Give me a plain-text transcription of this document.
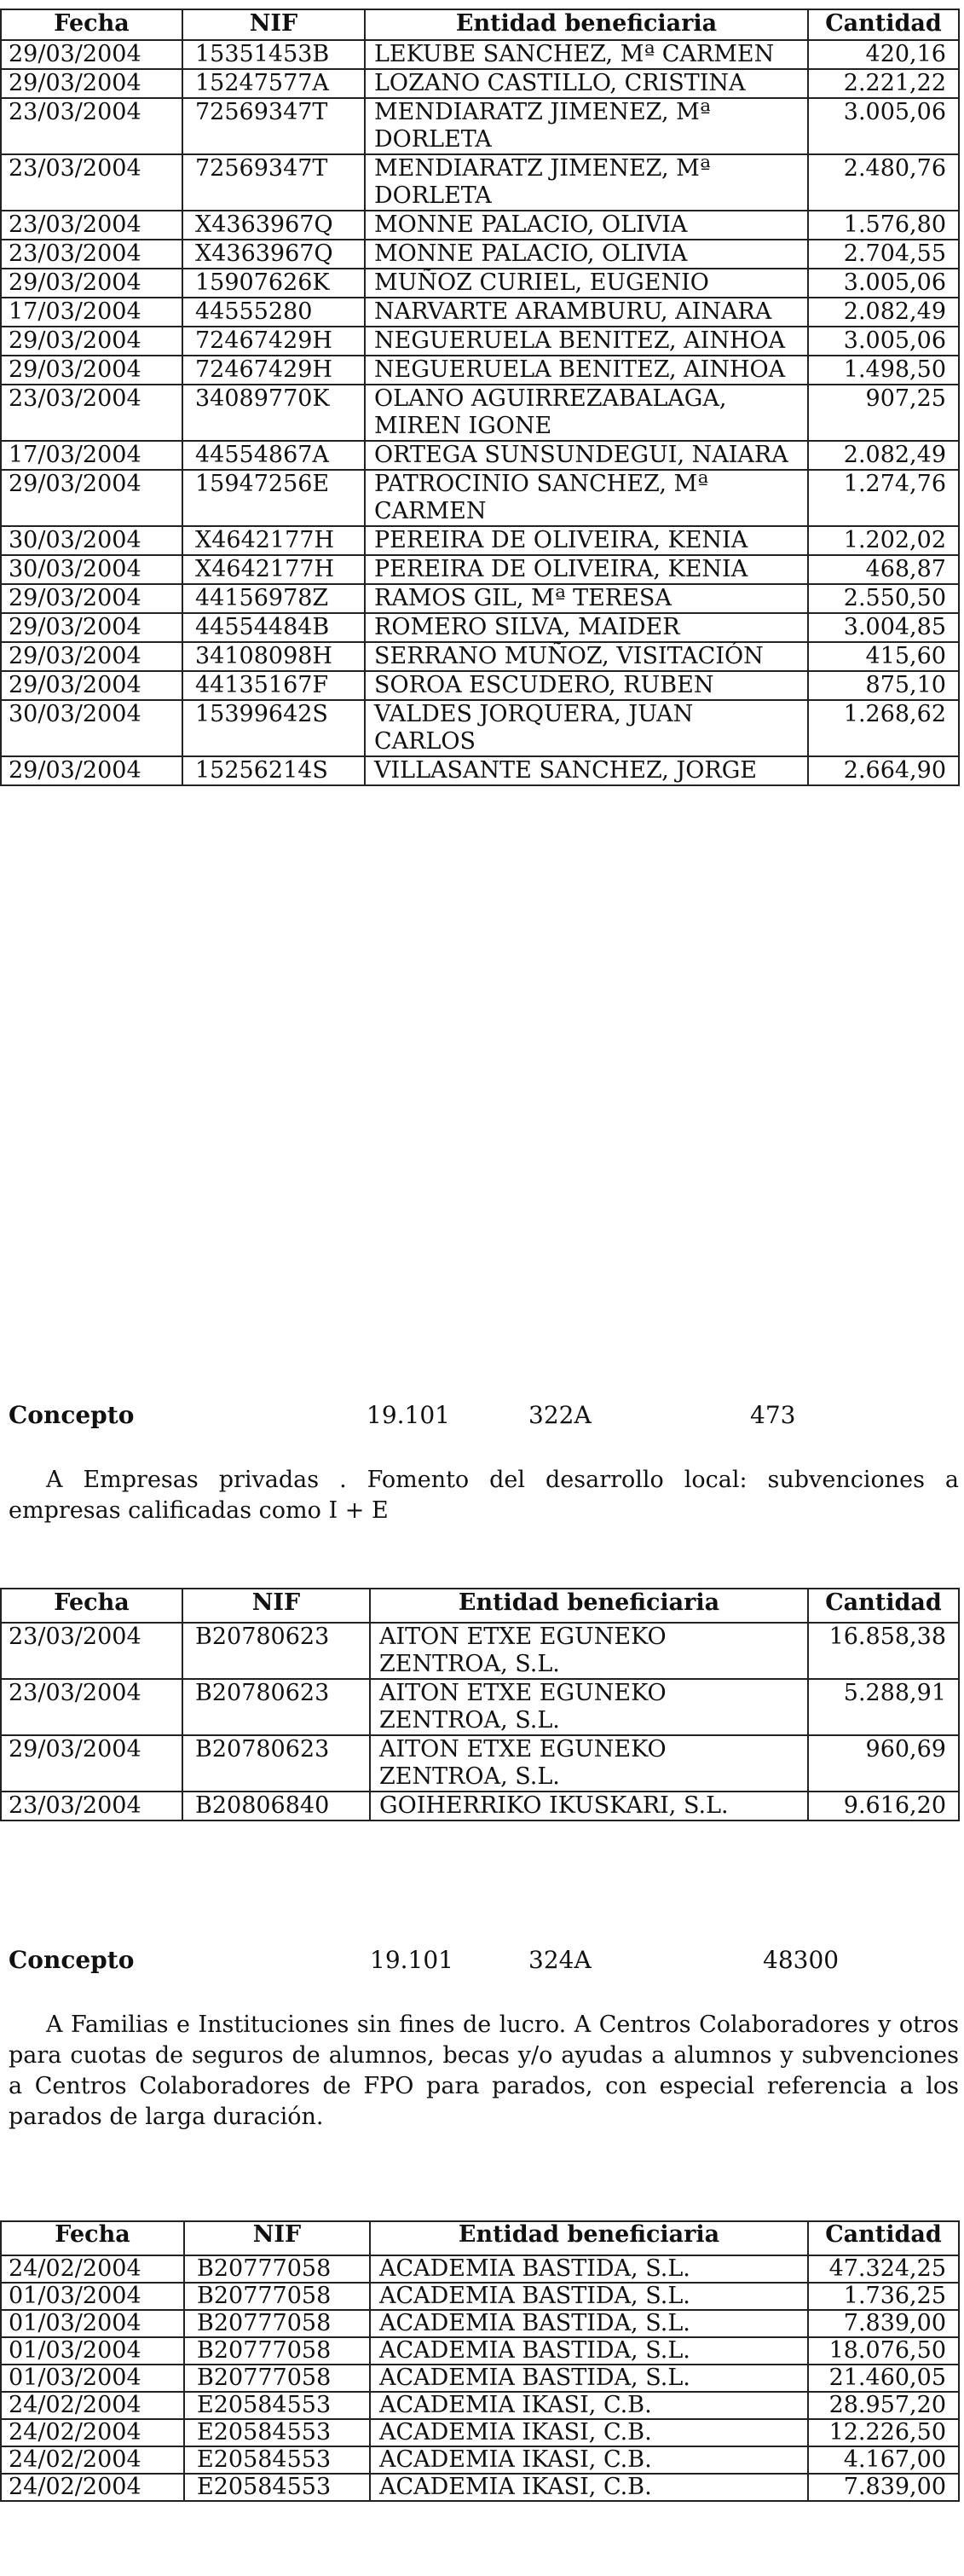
Fecha	NIF	Entidad beneficiaria	Cantidad
29/03/2004	15351453B	LEKUBE SANCHEZ, Mª CARMEN	420,16
29/03/2004	15247577A	LOZANO CASTILLO, CRISTINA	2.221,22
23/03/2004	72569347T	MENDIARATZ JIMENEZ, Mª DORLETA	3.005,06
23/03/2004	72569347T	MENDIARATZ JIMENEZ, Mª DORLETA	2.480,76
23/03/2004	X4363967Q	MONNE PALACIO, OLIVIA	1.576,80
23/03/2004	X4363967Q	MONNE PALACIO, OLIVIA	2.704,55
29/03/2004	15907626K	MUÑOZ CURIEL, EUGENIO	3.005,06
17/03/2004	44555280	NARVARTE ARAMBURU, AINARA	2.082,49
29/03/2004	72467429H	NEGUERUELA BENITEZ, AINHOA	3.005,06
29/03/2004	72467429H	NEGUERUELA BENITEZ, AINHOA	1.498,50
23/03/2004	34089770K	OLANO AGUIRREZABALAGA, MIREN IGONE	907,25
17/03/2004	44554867A	ORTEGA SUNSUNDEGUI, NAIARA	2.082,49
29/03/2004	15947256E	PATROCINIO SANCHEZ, Mª CARMEN	1.274,76
30/03/2004	X4642177H	PEREIRA DE OLIVEIRA, KENIA	1.202,02
30/03/2004	X4642177H	PEREIRA DE OLIVEIRA, KENIA	468,87
29/03/2004	44156978Z	RAMOS GIL, Mª TERESA	2.550,50
29/03/2004	44554484B	ROMERO SILVA, MAIDER	3.004,85
29/03/2004	34108098H	SERRANO MUÑOZ, VISITACIÓN	415,60
29/03/2004	44135167F	SOROA ESCUDERO, RUBEN	875,10
30/03/2004	15399642S	VALDES JORQUERA, JUAN CARLOS	1.268,62
29/03/2004	15256214S	VILLASANTE SANCHEZ, JORGE	2.664,90
Concepto	19.101	322A	473
A Empresas privadas . Fomento del desarrollo local: subvenciones a empresas calificadas como I + E
Fecha	NIF	Entidad beneficiaria	Cantidad
23/03/2004	B20780623	AITON ETXE EGUNEKO ZENTROA, S.L.	16.858,38
23/03/2004	B20780623	AITON ETXE EGUNEKO ZENTROA, S.L.	5.288,91
29/03/2004	B20780623	AITON ETXE EGUNEKO ZENTROA, S.L.	960,69
23/03/2004	B20806840	GOIHERRIKO IKUSKARI, S.L.	9.616,20
Concepto	19.101	324A	48300
A Familias e Instituciones sin fines de lucro. A Centros Colaboradores y otros para cuotas de seguros de alumnos, becas y/o ayudas a alumnos y subvenciones a Centros Colaboradores de FPO para parados, con especial referencia a los parados de larga duración.
Fecha	NIF	Entidad beneficiaria	Cantidad
24/02/2004	B20777058	ACADEMIA BASTIDA, S.L.	47.324,25
01/03/2004	B20777058	ACADEMIA BASTIDA, S.L.	1.736,25
01/03/2004	B20777058	ACADEMIA BASTIDA, S.L.	7.839,00
01/03/2004	B20777058	ACADEMIA BASTIDA, S.L.	18.076,50
01/03/2004	B20777058	ACADEMIA BASTIDA, S.L.	21.460,05
24/02/2004	E20584553	ACADEMIA IKASI, C.B.	28.957,20
24/02/2004	E20584553	ACADEMIA IKASI, C.B.	12.226,50
24/02/2004	E20584553	ACADEMIA IKASI, C.B.	4.167,00
24/02/2004	E20584553	ACADEMIA IKASI, C.B.	7.839,00
